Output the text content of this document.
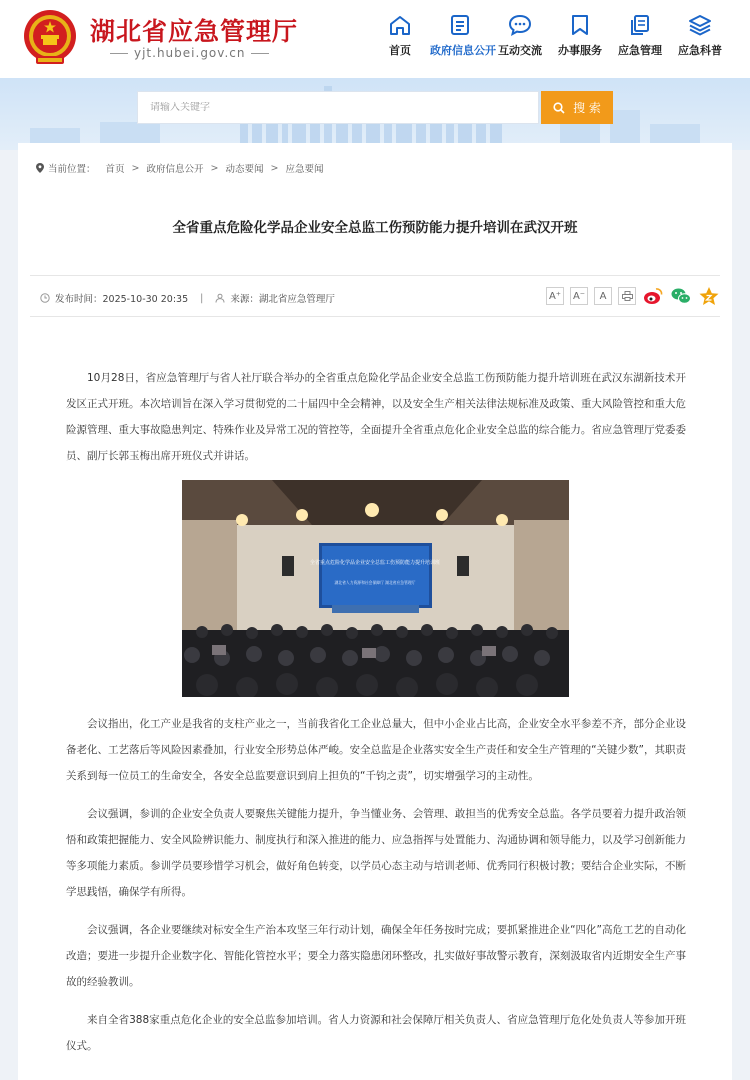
湖北省应急管理厅
yjt.hubei.gov.cn	首页	政府信息公开 互动交流	办事服务	应急管理	应急科普
请输入关键字
搜 索
当前位置： 首页 > 政府信息公开 > 动态要闻 > 应急要闻
全省重点危险化学品企业安全总监工伤预防能力提升培训在武汉开班
发布时间：2025-10-30 20:35 |	来源：湖北省应急管理厅	A⁺ A⁻	A

10月28日，省应急管理厅与省人社厅联合举办的全省重点危险化学品企业安全总监工伤预防能力提升培训班在武汉东湖新技术开发区正式开班。本次培训旨在深入学习贯彻党的二十届四中全会精神，以及安全生产相关法律法规标准及政策、重大风险管控和重大危险源管理、重大事故隐患判定、特殊作业及异常工况的管控等，全面提升全省重点危化企业安全总监的综合能力。省应急管理厅党委委员、副厅长郭玉梅出席开班仪式并讲话。

全省重点危险化学品企业安全总监工伤预防能力提升培训班
湖北省人力资源和社会保障厅 湖北省应急管理厅

会议指出，化工产业是我省的支柱产业之一，当前我省化工企业总量大，但中小企业占比高，企业安全水平参差不齐，部分企业设备老化、工艺落后等风险因素叠加，行业安全形势总体严峻。安全总监是企业落实安全生产责任和安全生产管理的“关键少数”，其职责关系到每一位员工的生命安全，各安全总监要意识到肩上担负的“千钧之责”，切实增强学习的主动性。

会议强调，参训的企业安全负责人要聚焦关键能力提升，争当懂业务、会管理、敢担当的优秀安全总监。各学员要着力提升政治领悟和政策把握能力、安全风险辨识能力、制度执行和深入推进的能力、应急指挥与处置能力、沟通协调和领导能力，以及学习创新能力等多项能力素质。参训学员要珍惜学习机会，做好角色转变，以学员心态主动与培训老师、优秀同行积极讨教；要结合企业实际，不断学思践悟，确保学有所得。

会议强调，各企业要继续对标安全生产治本攻坚三年行动计划，确保全年任务按时完成；要抓紧推进企业“四化”高危工艺的自动化改造；要进一步提升企业数字化、智能化管控水平；要全力落实隐患闭环整改，扎实做好事故警示教育，深刻汲取省内近期安全生产事故的经验教训。

来自全省388家重点危化企业的安全总监参加培训。省人力资源和社会保障厅相关负责人、省应急管理厅危化处负责人等参加开班仪式。
